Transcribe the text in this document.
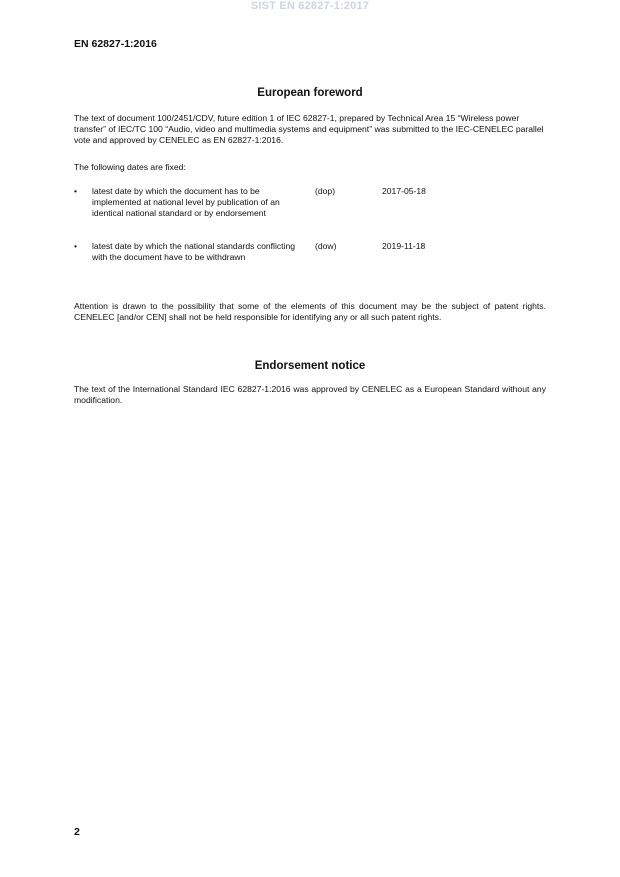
SIST EN 62827-1:2017
EN 62827-1:2016
European foreword
The text of document 100/2451/CDV, future edition 1 of IEC 62827-1, prepared by Technical Area 15 “Wireless power transfer” of IEC/TC 100 “Audio, video and multimedia systems and equipment” was submitted to the IEC-CENELEC parallel vote and approved by CENELEC as EN 62827-1:2016.
The following dates are fixed:
• latest date by which the document has to be implemented at national level by publication of an identical national standard or by endorsement
(dop)	2017-05-18
• latest date by which the national standards conflicting with the document have to be withdrawn
(dow)	2019-11-18
Attention is drawn to the possibility that some of the elements of this document may be the subject of patent rights. CENELEC [and/or CEN] shall not be held responsible for identifying any or all such patent rights.
Endorsement notice
The text of the International Standard IEC 62827-1:2016 was approved by CENELEC as a European Standard without any modification.
2
